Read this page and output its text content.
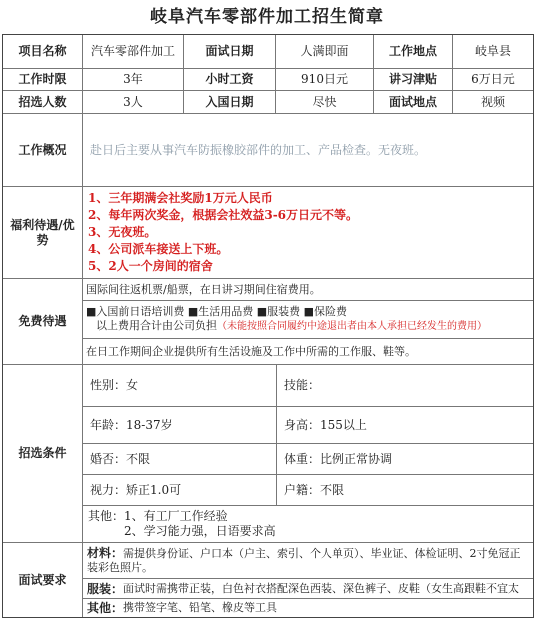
岐阜汽车零部件加工招生简章
项目名称	汽车零部件加工	面试日期	人满即面	工作地点	岐阜县
工作时限	3年	小时工资	910日元	讲习津贴	6万日元
招选人数	3人	入国日期	尽快	面试地点	视频
工作概况	赴日后主要从事汽车防振橡胶部件的加工、产品检查。无夜班。
福利待遇/优势
1、三年期满会社奖励1万元人民币
2、每年两次奖金，根据会社效益3-6万日元不等。
3、无夜班。
4、公司派车接送上下班。
5、2人一个房间的宿舍
免费待遇
国际间往返机票/船票，在日讲习期间住宿费用。
■入国前日语培训费 ■生活用品费 ■服装费 ■保险费
以上费用合计由公司负担（未能按照合同履约中途退出者由本人承担已经发生的费用）
在日工作期间企业提供所有生活设施及工作中所需的工作服、鞋等。
招选条件
性别：女	技能：
年龄：18-37岁	身高：155以上
婚否：不限	体重：比例正常协调
视力：矫正1.0可	户籍：不限
其他：1、有工厂工作经验
2、学习能力强，日语要求高
面试要求
材料：需提供身份证、户口本（户主、索引、个人单页）、毕业证、体检证明、2寸免冠正装彩色照片。
服装： 面试时需携带正装，白色衬衣搭配深色西装、深色裤子、皮鞋（女生高跟鞋不宜太
其他： 携带签字笔、铅笔、橡皮等工具
